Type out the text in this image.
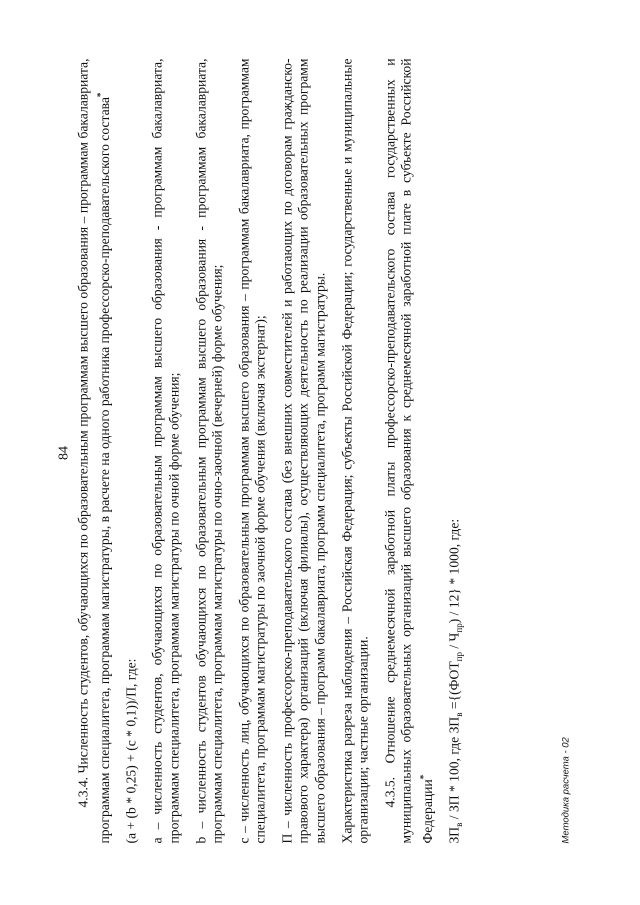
84 4.3.4. Численность студентов, обучающихся по образовательным программам высшего образования – программам бакалавриата, программам специалитета, программам магистратуры, в расчете на одного работника профессорско-преподавательского состава*

(a + (b * 0,25) + (c * 0,1))/П, где: a – численность студентов, обучающихся по образовательным программам высшего образования - программам бакалавриата, программам специалитета, программам магистратуры по очной форме обучения; b – численность студентов обучающихся по образовательным программам высшего образования - программам бакалавриата, программам специалитета, программам магистратуры по очно-заочной (вечерней) форме обучения; c – численность лиц, обучающихся по образовательным программам высшего образования – программам бакалавриата, программам специалитета, программам магистратуры по заочной форме обучения (включая экстернат); П – численность профессорско-преподавательского состава (без внешних совместителей и работающих по договорам гражданско-правового характера) организаций (включая филиалы), осуществляющих деятельность по реализации образовательных программ высшего образования – программ бакалавриата, программ специалитета, программ магистратуры. Характеристика разреза наблюдения – Российская Федерация; субъекты Российской Федерации; государственные и муниципальные организации; частные организации. 4.3.5. Отношение среднемесячной заработной платы профессорско-преподавательского состава государственных и муниципальных образовательных организаций высшего образования к среднемесячной заработной плате в субъекте Российской Федерации*

$ЗП_в$ / ЗП * 100, где $ЗП_в =\{(ФОТ_{пр} / Ч_{пр}) / 12\} * 1000$, где:

Методика расчета - 02
